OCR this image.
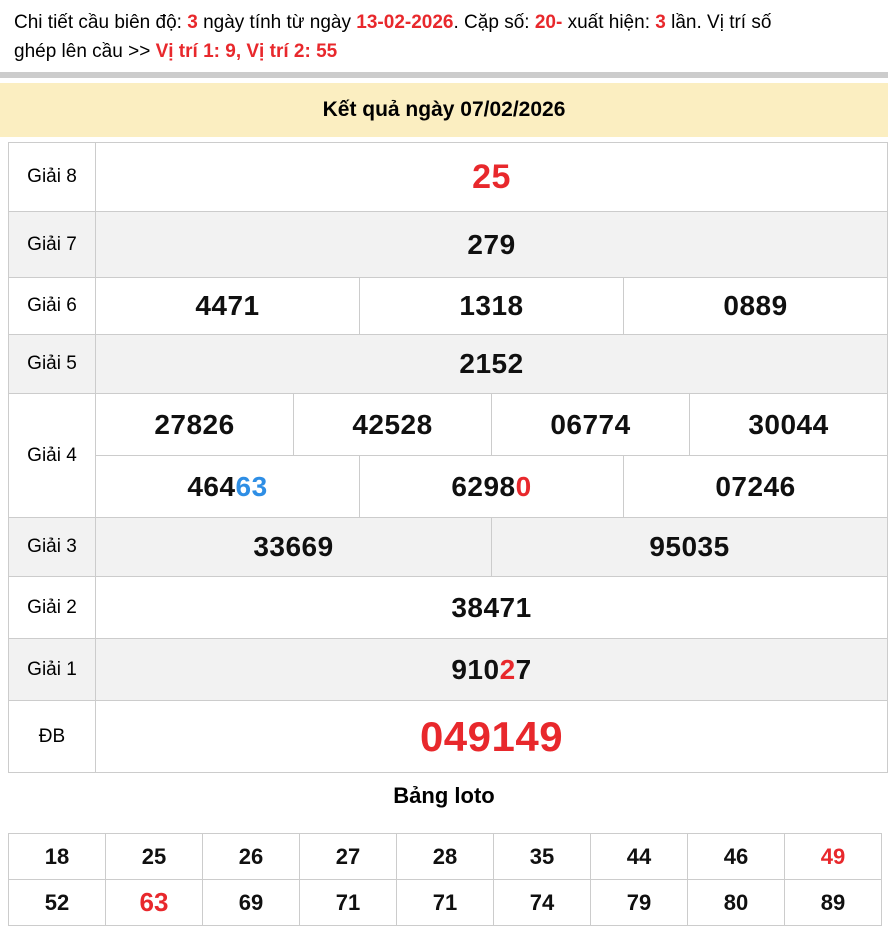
Chi tiết cầu biên độ: 3 ngày tính từ ngày 13-02-2026. Cặp số: 20- xuất hiện: 3 lần. Vị trí số
ghép lên cầu >> Vị trí 1: 9, Vị trí 2: 55
Kết quả ngày 07/02/2026
Giải 8	25					
Giải 7	279					
Giải 6	4471		1318		0889	
Giải 5	2152					
Giải 4	27826	42528		06774		30044
	46463		62980		07246	
Giải 3	33669			95035		
Giải 2	38471					
Giải 1	91027					
ĐB	049149					
Bảng loto
18	25	26	27	28	35	44	46	49
52	63	69	71	71	74	79	80	89
